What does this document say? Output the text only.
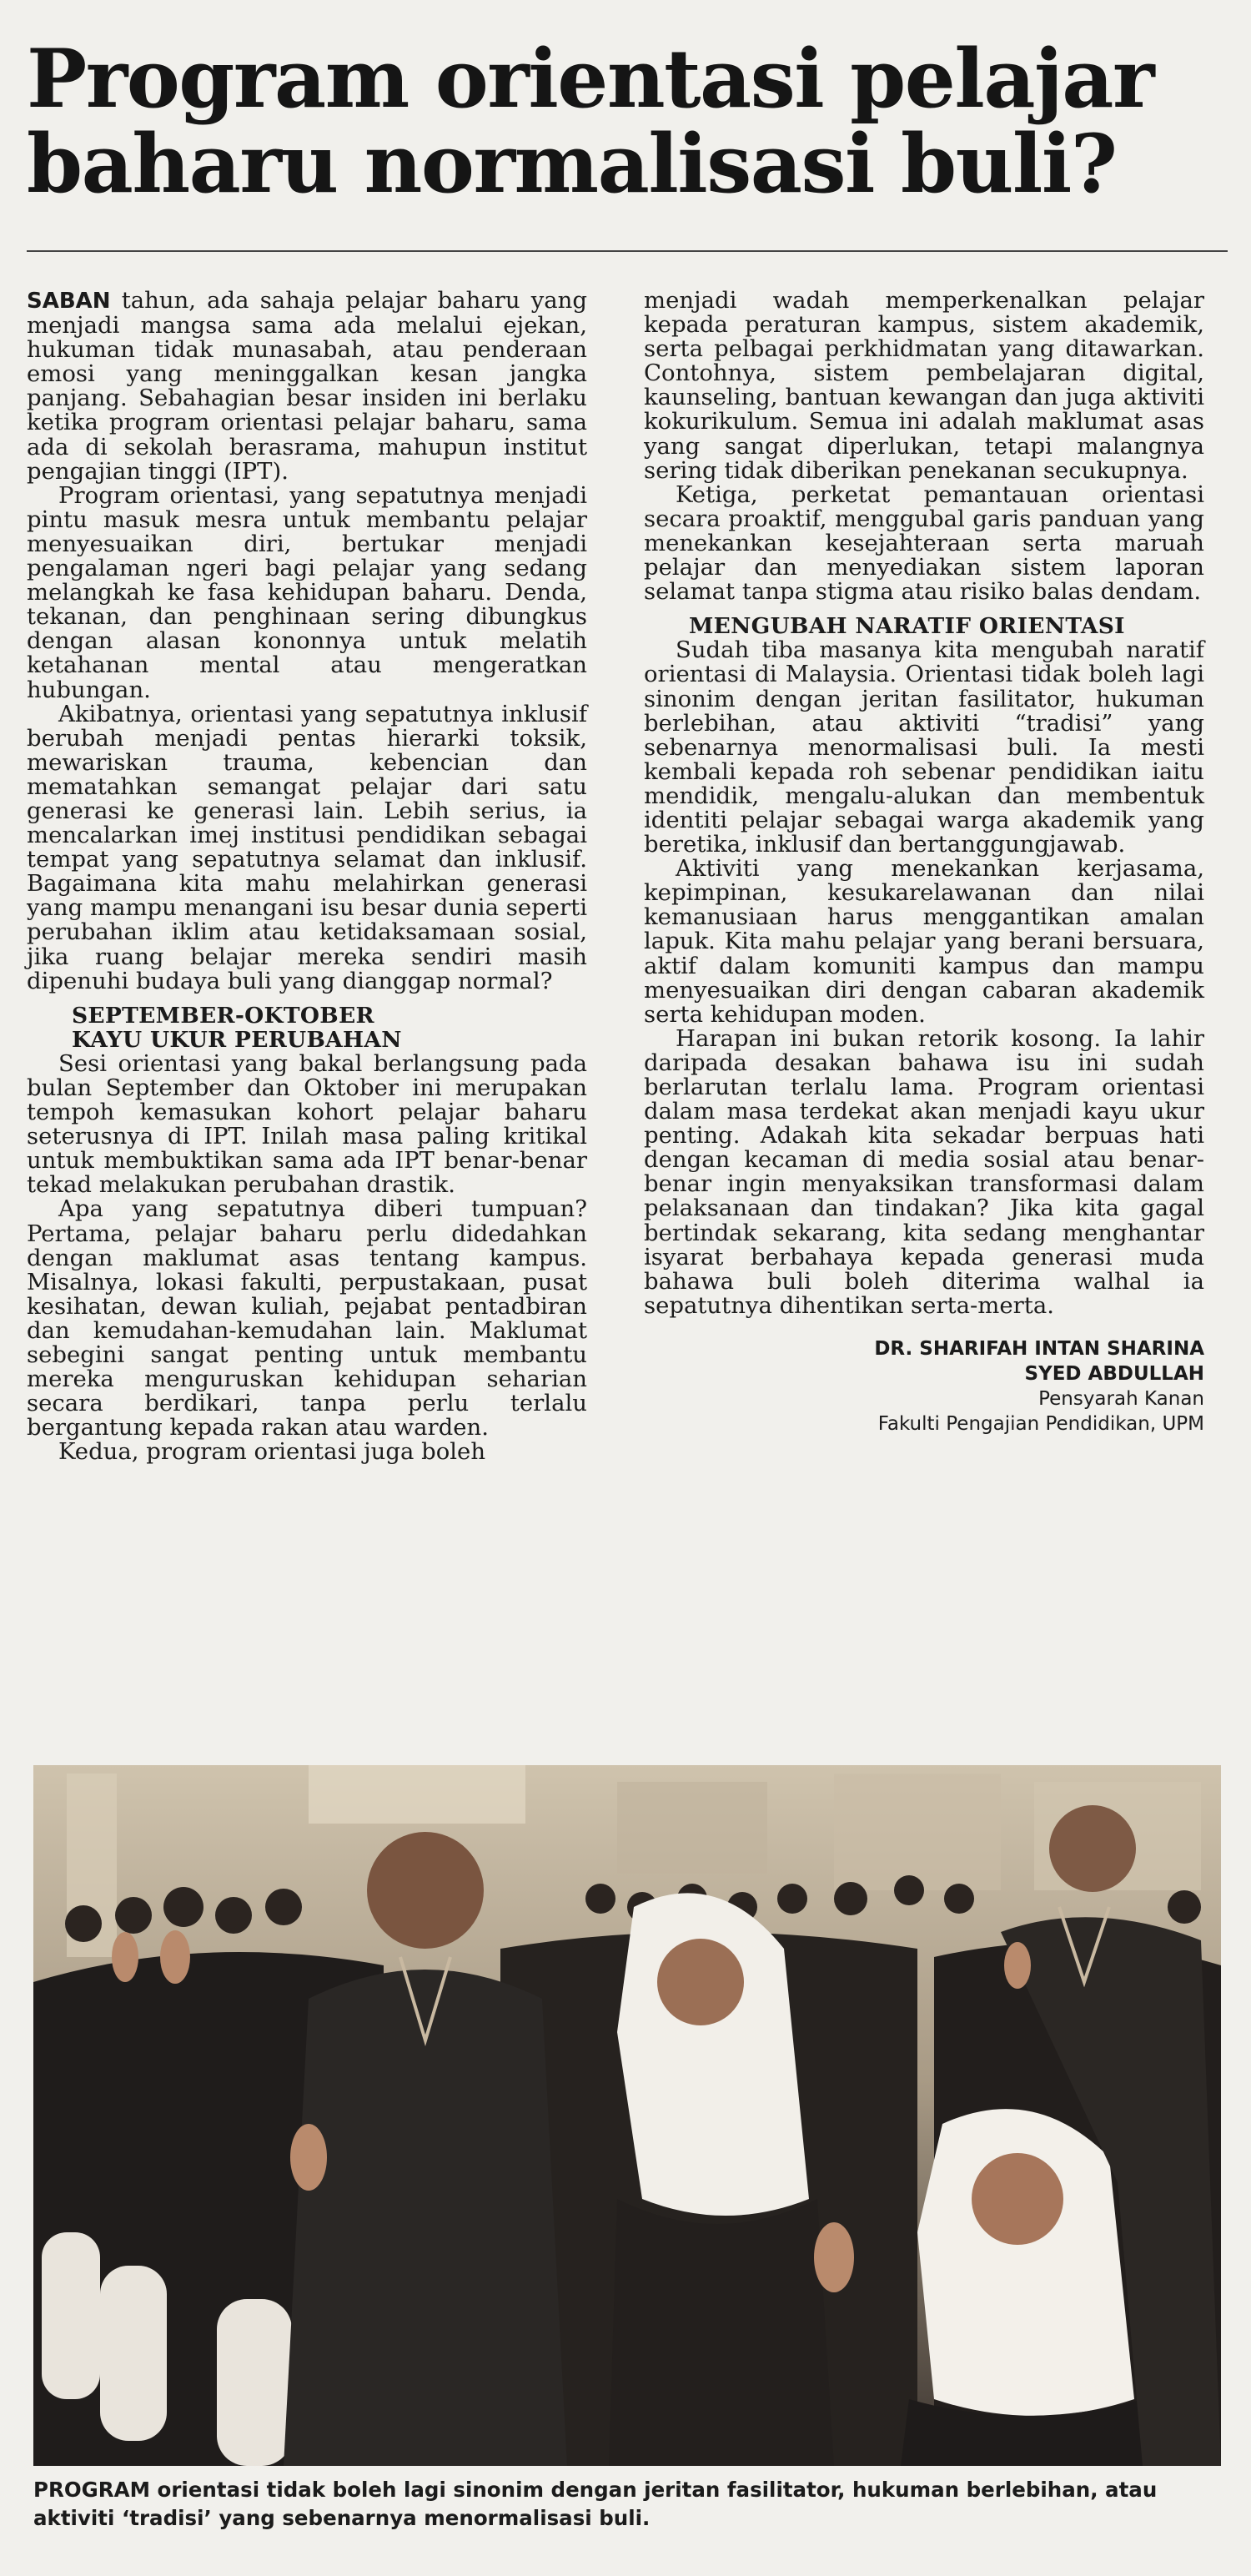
Program orientasi pelajar
baharu normalisasi buli?

SABAN tahun, ada sahaja pelajar baharu yang menjadi mangsa sama ada melalui ejekan, hukuman tidak munasabah, atau penderaan emosi yang meninggalkan kesan jangka panjang. Sebahagian besar insiden ini berlaku ketika program orientasi pelajar baharu, sama ada di sekolah berasrama, mahupun institut pengajian tinggi (IPT).

Program orientasi, yang sepatutnya menjadi pintu masuk mesra untuk membantu pelajar menyesuaikan diri, bertukar menjadi pengalaman ngeri bagi pelajar yang sedang melangkah ke fasa kehidupan baharu. Denda, tekanan, dan penghinaan sering dibungkus dengan alasan kononnya untuk melatih ketahanan mental atau mengeratkan hubungan.

Akibatnya, orientasi yang sepatutnya inklusif berubah menjadi pentas hierarki toksik, mewariskan trauma, kebencian dan mematahkan semangat pelajar dari satu generasi ke generasi lain. Lebih serius, ia mencalarkan imej institusi pendidikan sebagai tempat yang sepatutnya selamat dan inklusif. Bagaimana kita mahu melahirkan generasi yang mampu menangani isu besar dunia seperti perubahan iklim atau ketidaksamaan sosial, jika ruang belajar mereka sendiri masih dipenuhi budaya buli yang dianggap normal?

SEPTEMBER-OKTOBER
KAYU UKUR PERUBAHAN

Sesi orientasi yang bakal berlangsung pada bulan September dan Oktober ini merupakan tempoh kemasukan kohort pelajar baharu seterusnya di IPT. Inilah masa paling kritikal untuk membuktikan sama ada IPT benar-benar tekad melakukan perubahan drastik.

Apa yang sepatutnya diberi tumpuan? Pertama, pelajar baharu perlu didedahkan dengan maklumat asas tentang kampus. Misalnya, lokasi fakulti, perpustakaan, pusat kesihatan, dewan kuliah, pejabat pentadbiran dan kemudahan-kemudahan lain. Maklumat sebegini sangat penting untuk membantu mereka menguruskan kehidupan seharian secara berdikari, tanpa perlu terlalu bergantung kepada rakan atau warden.

Kedua, program orientasi juga boleh

menjadi wadah memperkenalkan pelajar kepada peraturan kampus, sistem akademik, serta pelbagai perkhidmatan yang ditawarkan. Contohnya, sistem pembelajaran digital, kaunseling, bantuan kewangan dan juga aktiviti kokurikulum. Semua ini adalah maklumat asas yang sangat diperlukan, tetapi malangnya sering tidak diberikan penekanan secukupnya.

Ketiga, perketat pemantauan orientasi secara proaktif, menggubal garis panduan yang menekankan kesejahteraan serta maruah pelajar dan menyediakan sistem laporan selamat tanpa stigma atau risiko balas dendam.

MENGUBAH NARATIF ORIENTASI

Sudah tiba masanya kita mengubah naratif orientasi di Malaysia. Orientasi tidak boleh lagi sinonim dengan jeritan fasilitator, hukuman berlebihan, atau aktiviti “tradisi” yang sebenarnya menormalisasi buli. Ia mesti kembali kepada roh sebenar pendidikan iaitu mendidik, mengalu-alukan dan membentuk identiti pelajar sebagai warga akademik yang beretika, inklusif dan bertanggungjawab.

Aktiviti yang menekankan kerjasama, kepimpinan, kesukarelawanan dan nilai kemanusiaan harus menggantikan amalan lapuk. Kita mahu pelajar yang berani bersuara, aktif dalam komuniti kampus dan mampu menyesuaikan diri dengan cabaran akademik serta kehidupan moden.

Harapan ini bukan retorik kosong. Ia lahir daripada desakan bahawa isu ini sudah berlarutan terlalu lama. Program orientasi dalam masa terdekat akan menjadi kayu ukur penting. Adakah kita sekadar berpuas hati dengan kecaman di media sosial atau benar-benar ingin menyaksikan transformasi dalam pelaksanaan dan tindakan? Jika kita gagal bertindak sekarang, kita sedang menghantar isyarat berbahaya kepada generasi muda bahawa buli boleh diterima walhal ia sepatutnya dihentikan serta-merta.

DR. SHARIFAH INTAN SHARINA
SYED ABDULLAH
Pensyarah Kanan
Fakulti Pengajian Pendidikan, UPM
PROGRAM orientasi tidak boleh lagi sinonim dengan jeritan fasilitator, hukuman berlebihan, atau aktiviti ‘tradisi’ yang sebenarnya menormalisasi buli.
